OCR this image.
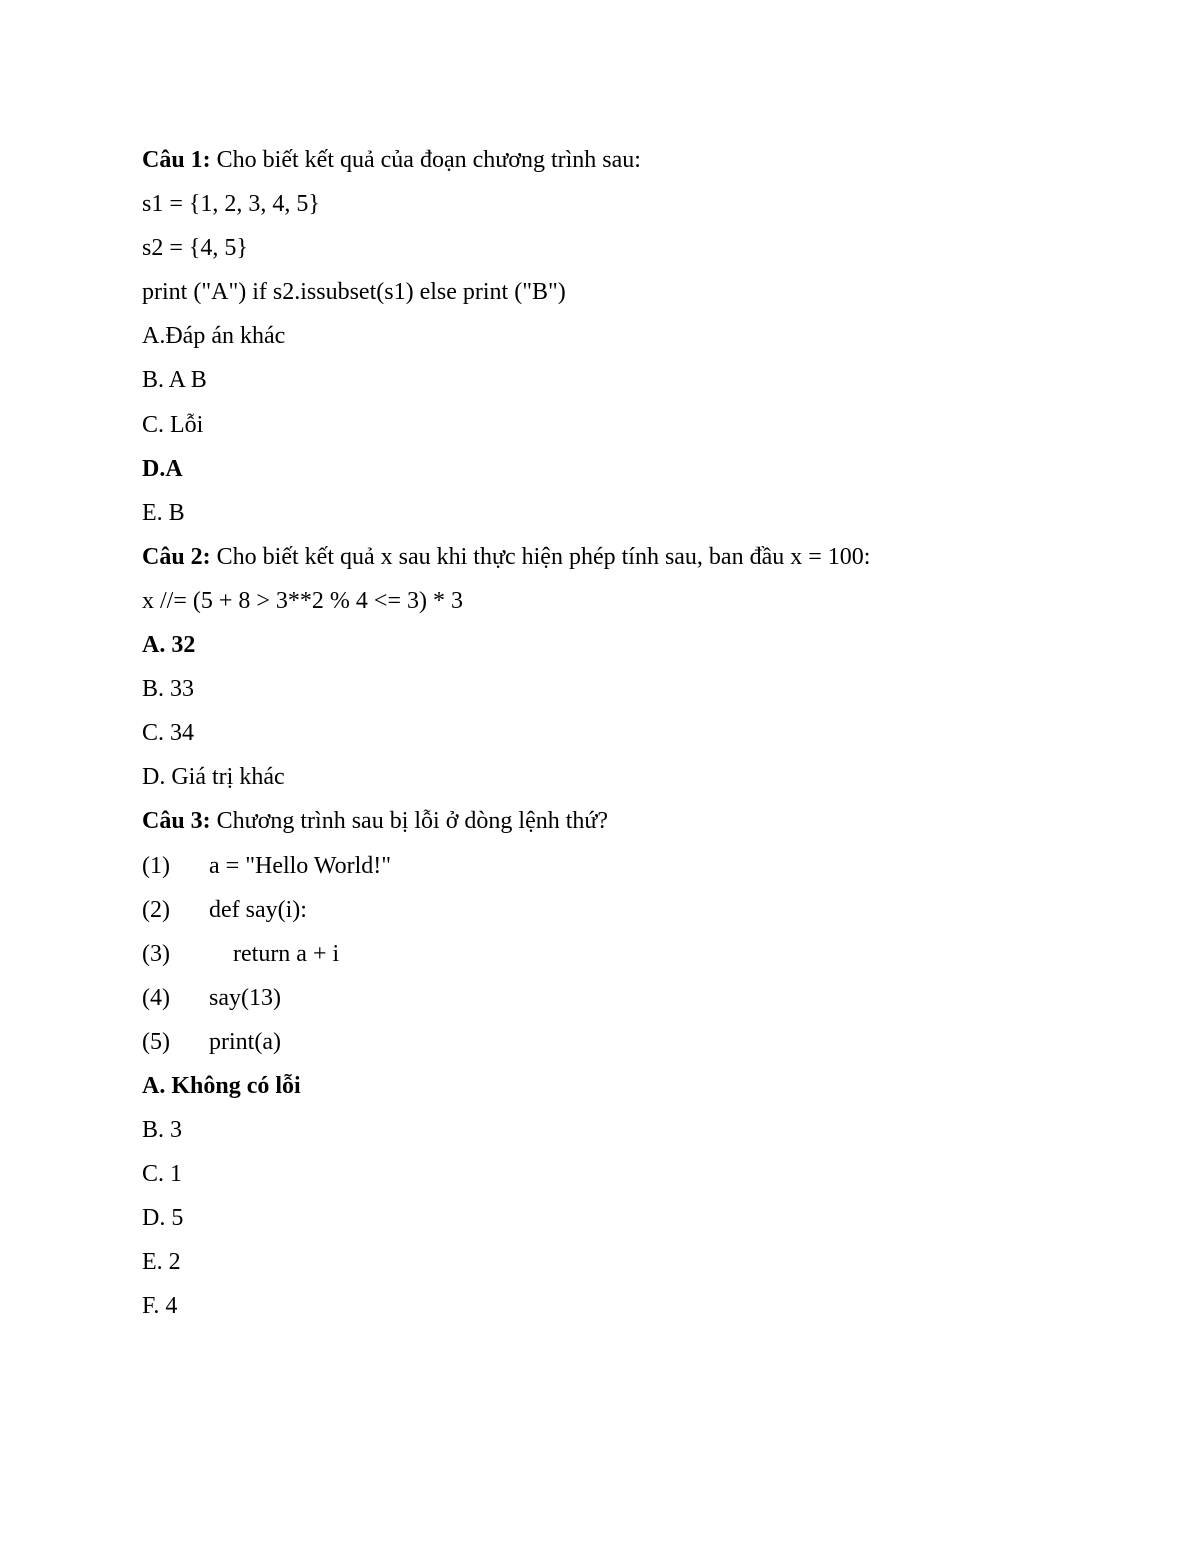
Câu 1: Cho biết kết quả của đoạn chương trình sau:
s1 = {1, 2, 3, 4, 5}
s2 = {4, 5}
print ("A") if s2.issubset(s1) else print ("B")
A.Đáp án khác
B. A B
C. Lỗi
D.A
E. B
Câu 2: Cho biết kết quả x sau khi thực hiện phép tính sau, ban đầu x = 100:
x //= (5 + 8 > 3**2 % 4 <= 3) * 3
A. 32
B. 33
C. 34
D. Giá trị khác
Câu 3: Chương trình sau bị lỗi ở dòng lệnh thứ?
(1)	a = "Hello World!"
(2)	def say(i):
(3)	return a + i
(4)	say(13)
(5)	print(a)
A. Không có lỗi
B. 3
C. 1
D. 5
E. 2
F. 4
